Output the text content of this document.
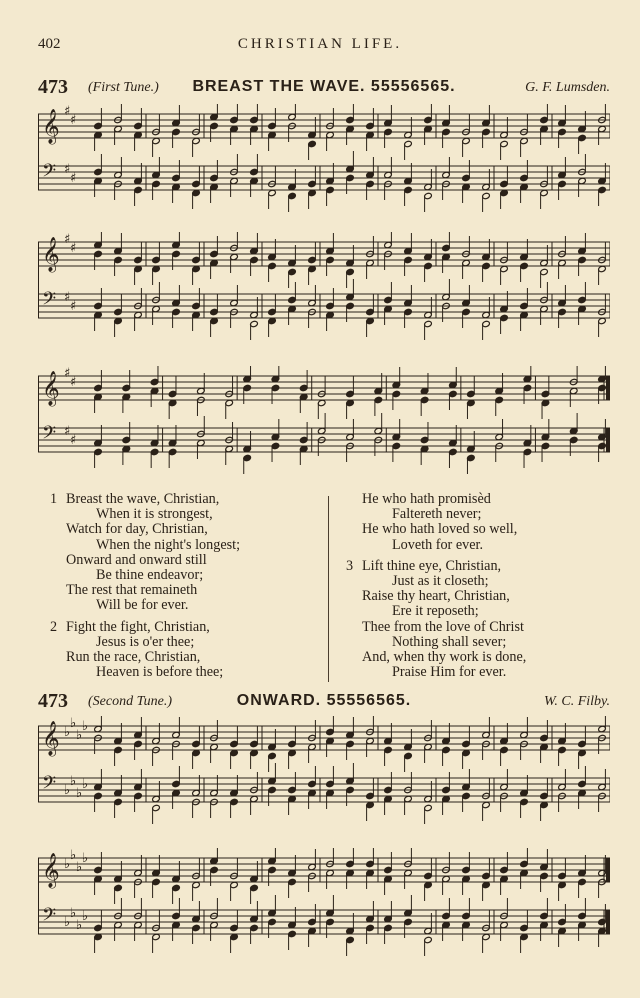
402	CHRISTIAN LIFE.
473 (First Tune.)	BREAST THE WAVE. 55556565.	G. F. Lumsden.
𝄞 ♯
♯
𝄢 ♯
♯
𝄞 ♯
♯
𝄢 ♯
♯
𝄞 ♯
♯
𝄢 ♯
♯
1 Breast the wave, Christian,
When it is strongest,
Watch for day, Christian,
When the night's longest;
Onward and onward still
Be thine endeavor;
The rest that remaineth
Will be for ever.
2 Fight the fight, Christian,
Jesus is o'er thee;
Run the race, Christian,
Heaven is before thee;
He who hath promisèd
Faltereth never;
He who hath loved so well,
Loveth for ever.
3 Lift thine eye, Christian,
Just as it closeth;
Raise thy heart, Christian,
Ere it reposeth;
Thee from the love of Christ
Nothing shall sever;
And, when thy work is done,
Praise Him for ever.
473 (Second Tune.)	ONWARD. 55556565.	W. C. Filby.
𝄞 ♭
♭
♭
♭
𝄢 ♭
♭
♭
♭
𝄞 ♭
♭
♭
♭
𝄢 ♭
♭
♭
♭
